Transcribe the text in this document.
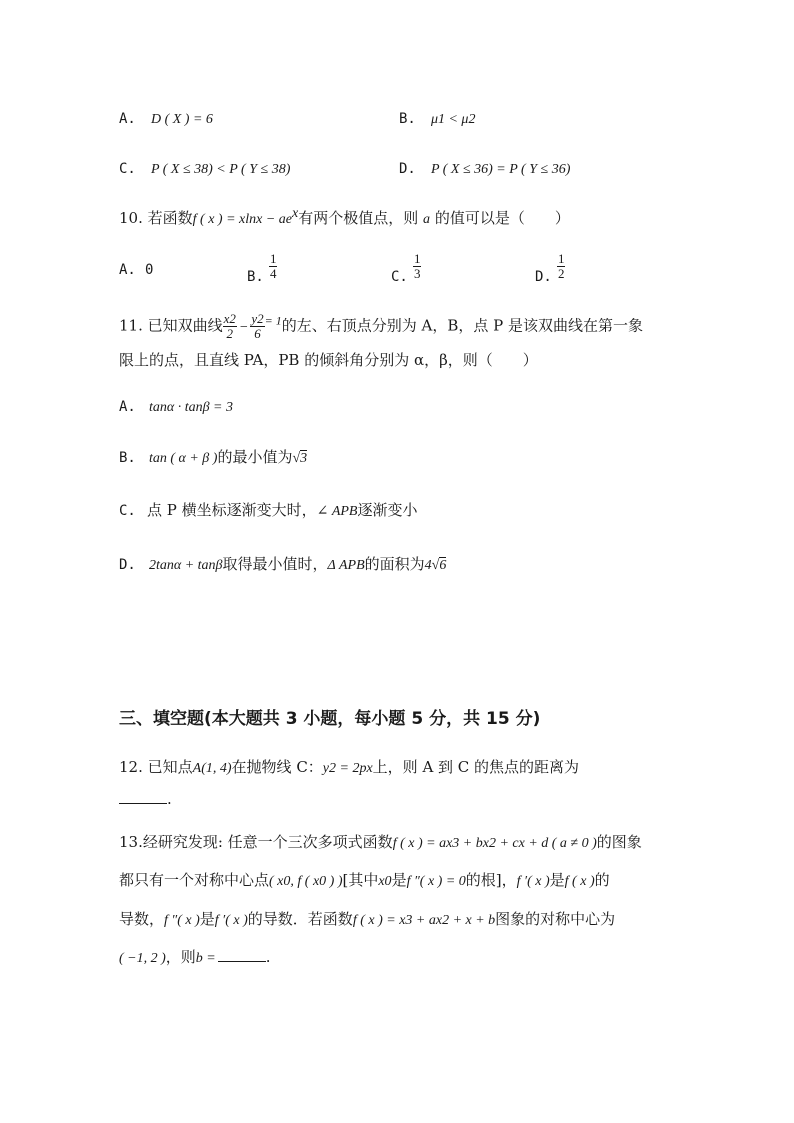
A. D ( X ) = 6	B. μ1 < μ2
C. P ( X ≤ 38) < P ( Y ≤ 38)	D. P ( X ≤ 36) = P ( Y ≤ 36)
10. 若函数f ( x ) = $xlnx - ae^x$有两个极值点，则 a 的值可以是（　　）
A. 0	B. $\frac{1}{4}$	C. $\frac{1}{3}$	D. $\frac{1}{2}$
11. 已知双曲线 $\frac{x2}{2} - \frac{y2}{6} ^{= 1}$的左、右顶点分别为 A，B，点 P 是该双曲线在第一象
限上的点，且直线 PA，PB 的倾斜角分别为 α，β，则（　　）
A. tanα · tanβ = 3
B. tan ( α + β )的最小值为√3
C. 点 P 横坐标逐渐变大时，∠ APB逐渐变小
D. 2tanα + tanβ取得最小值时，Δ APB的面积为4√6
三、填空题(本大题共 3 小题，每小题 5 分，共 15 分)
12. 已知点A(1, 4)在抛物线 C：y2 = 2px上，则 A 到 C 的焦点的距离为
.
13.经研究发现: 任意一个三次多项式函数f ( x ) = ax3 + bx2 + cx + d ( a ≠ 0 )的图象
都只有一个对称中心点( x0, f ( x0 ) )[其中x0是f ″( x ) = 0的根]，f ′( x )是f ( x )的
导数，f ″( x )是f ′( x )的导数．若函数f ( x ) = x3 + ax2 + x + b图象的对称中心为
( −1, 2 )，则b =	.
